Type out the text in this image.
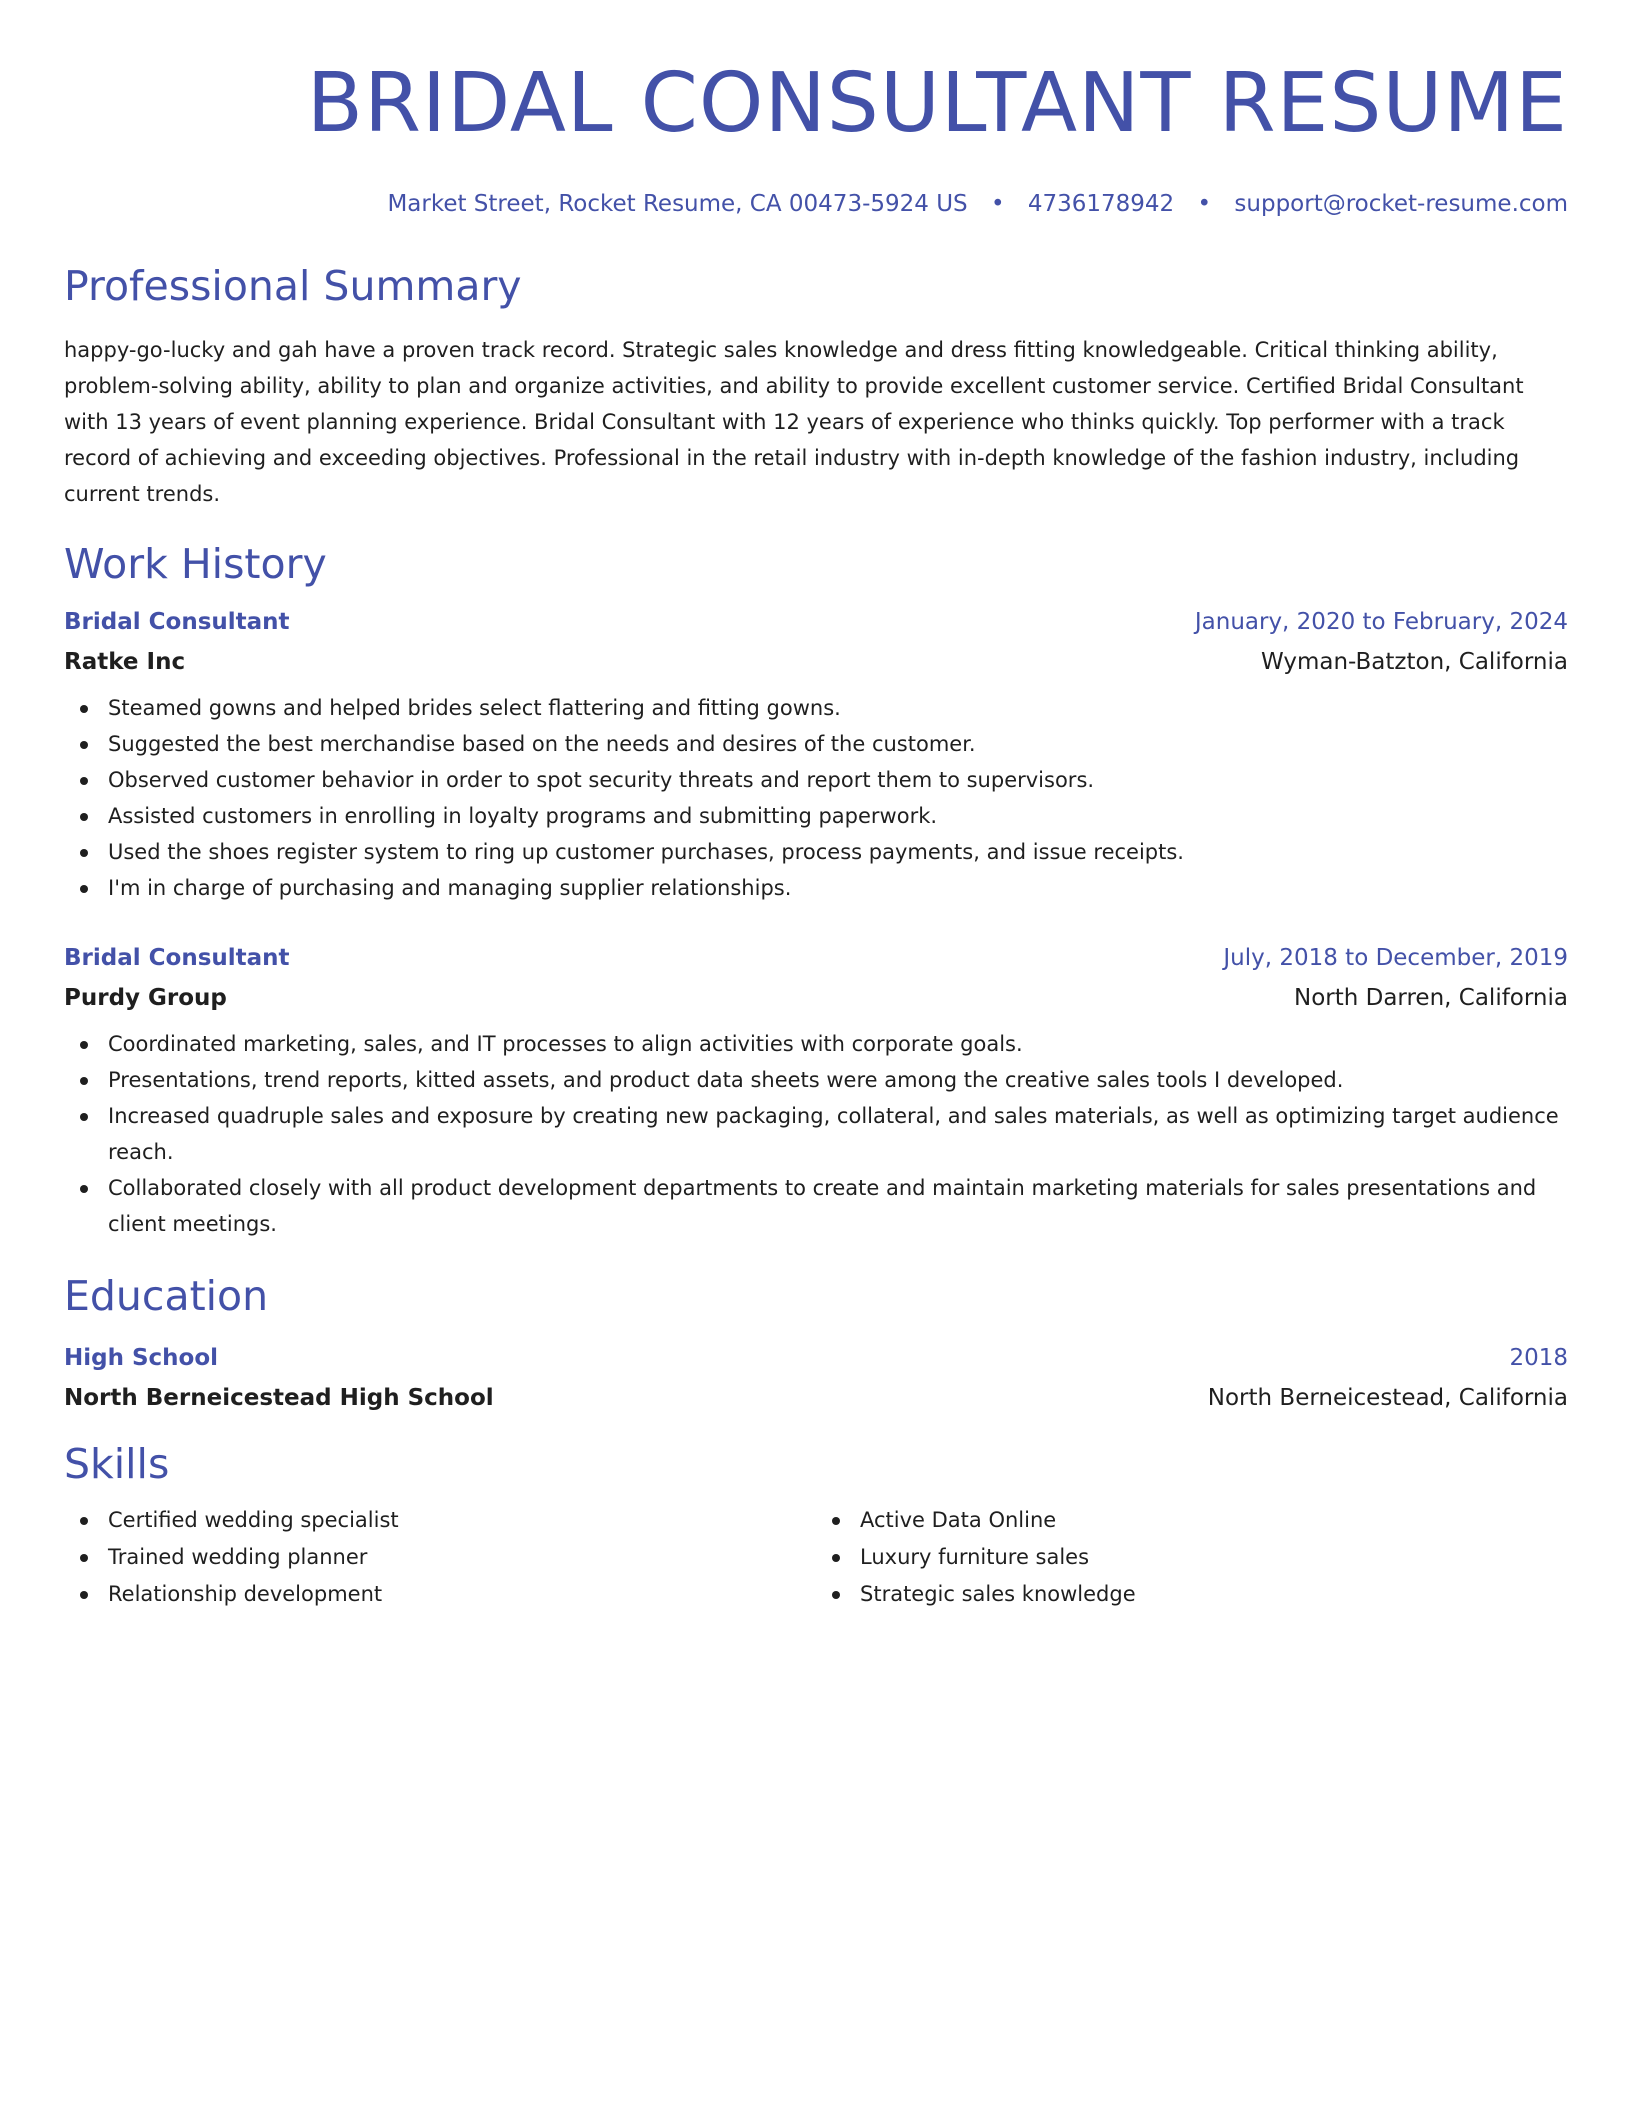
BRIDAL CONSULTANT RESUME
Market Street, Rocket Resume, CA 00473-5924 US • 4736178942 • support@rocket-resume.com
Professional Summary

happy-go-lucky and gah have a proven track record. Strategic sales knowledge and dress fitting knowledgeable. Critical thinking ability, problem-solving ability, ability to plan and organize activities, and ability to provide excellent customer service. Certified Bridal Consultant with 13 years of event planning experience. Bridal Consultant with 12 years of experience who thinks quickly. Top performer with a track record of achieving and exceeding objectives. Professional in the retail industry with in-depth knowledge of the fashion industry, including current trends.

Work History
Bridal Consultant	January, 2020 to February, 2024
Ratke Inc	Wyman-Batzton, California
Steamed gowns and helped brides select flattering and fitting gowns.
Suggested the best merchandise based on the needs and desires of the customer.
Observed customer behavior in order to spot security threats and report them to supervisors.
Assisted customers in enrolling in loyalty programs and submitting paperwork.
Used the shoes register system to ring up customer purchases, process payments, and issue receipts.
I'm in charge of purchasing and managing supplier relationships.
Bridal Consultant	July, 2018 to December, 2019
Purdy Group	North Darren, California
Coordinated marketing, sales, and IT processes to align activities with corporate goals.
Presentations, trend reports, kitted assets, and product data sheets were among the creative sales tools I developed.
Increased quadruple sales and exposure by creating new packaging, collateral, and sales materials, as well as optimizing target audience reach.
Collaborated closely with all product development departments to create and maintain marketing materials for sales presentations and client meetings.
Education
High School	2018
North Berneicestead High School	North Berneicestead, California
Skills
Certified wedding specialist
Trained wedding planner
Relationship development
Active Data Online
Luxury furniture sales
Strategic sales knowledge
